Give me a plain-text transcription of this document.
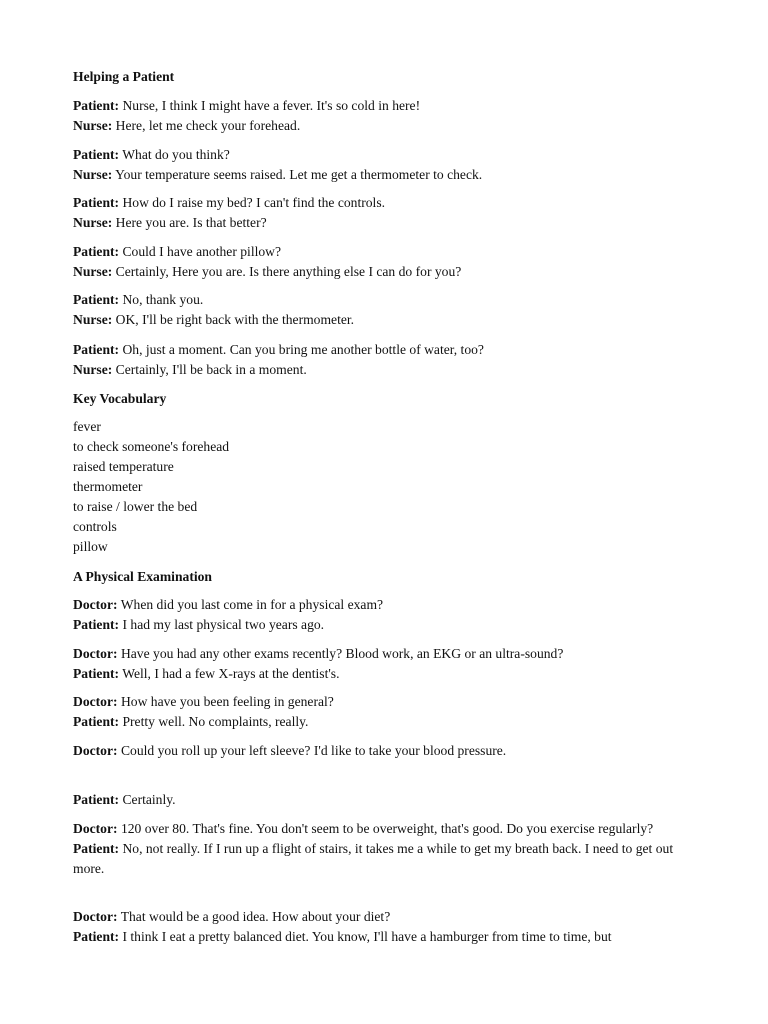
Helping a Patient
Patient: Nurse, I think I might have a fever. It's so cold in here!
Nurse: Here, let me check your forehead.
Patient: What do you think?
Nurse: Your temperature seems raised. Let me get a thermometer to check.
Patient: How do I raise my bed? I can't find the controls.
Nurse: Here you are. Is that better?
Patient: Could I have another pillow?
Nurse: Certainly, Here you are. Is there anything else I can do for you?
Patient: No, thank you.
Nurse: OK, I'll be right back with the thermometer.
Patient: Oh, just a moment. Can you bring me another bottle of water, too?
Nurse: Certainly, I'll be back in a moment.
Key Vocabulary
fever
to check someone's forehead
raised temperature
thermometer
to raise / lower the bed
controls
pillow
A Physical Examination
Doctor: When did you last come in for a physical exam?
Patient: I had my last physical two years ago.
Doctor: Have you had any other exams recently? Blood work, an EKG or an ultra-sound?
Patient: Well, I had a few X-rays at the dentist's.
Doctor: How have you been feeling in general?
Patient: Pretty well. No complaints, really.
Doctor: Could you roll up your left sleeve? I'd like to take your blood pressure.
Patient: Certainly.
Doctor: 120 over 80. That's fine. You don't seem to be overweight, that's good. Do you exercise regularly?
Patient: No, not really. If I run up a flight of stairs, it takes me a while to get my breath back. I need to get out more.
Doctor: That would be a good idea. How about your diet?
Patient: I think I eat a pretty balanced diet. You know, I'll have a hamburger from time to time, but
